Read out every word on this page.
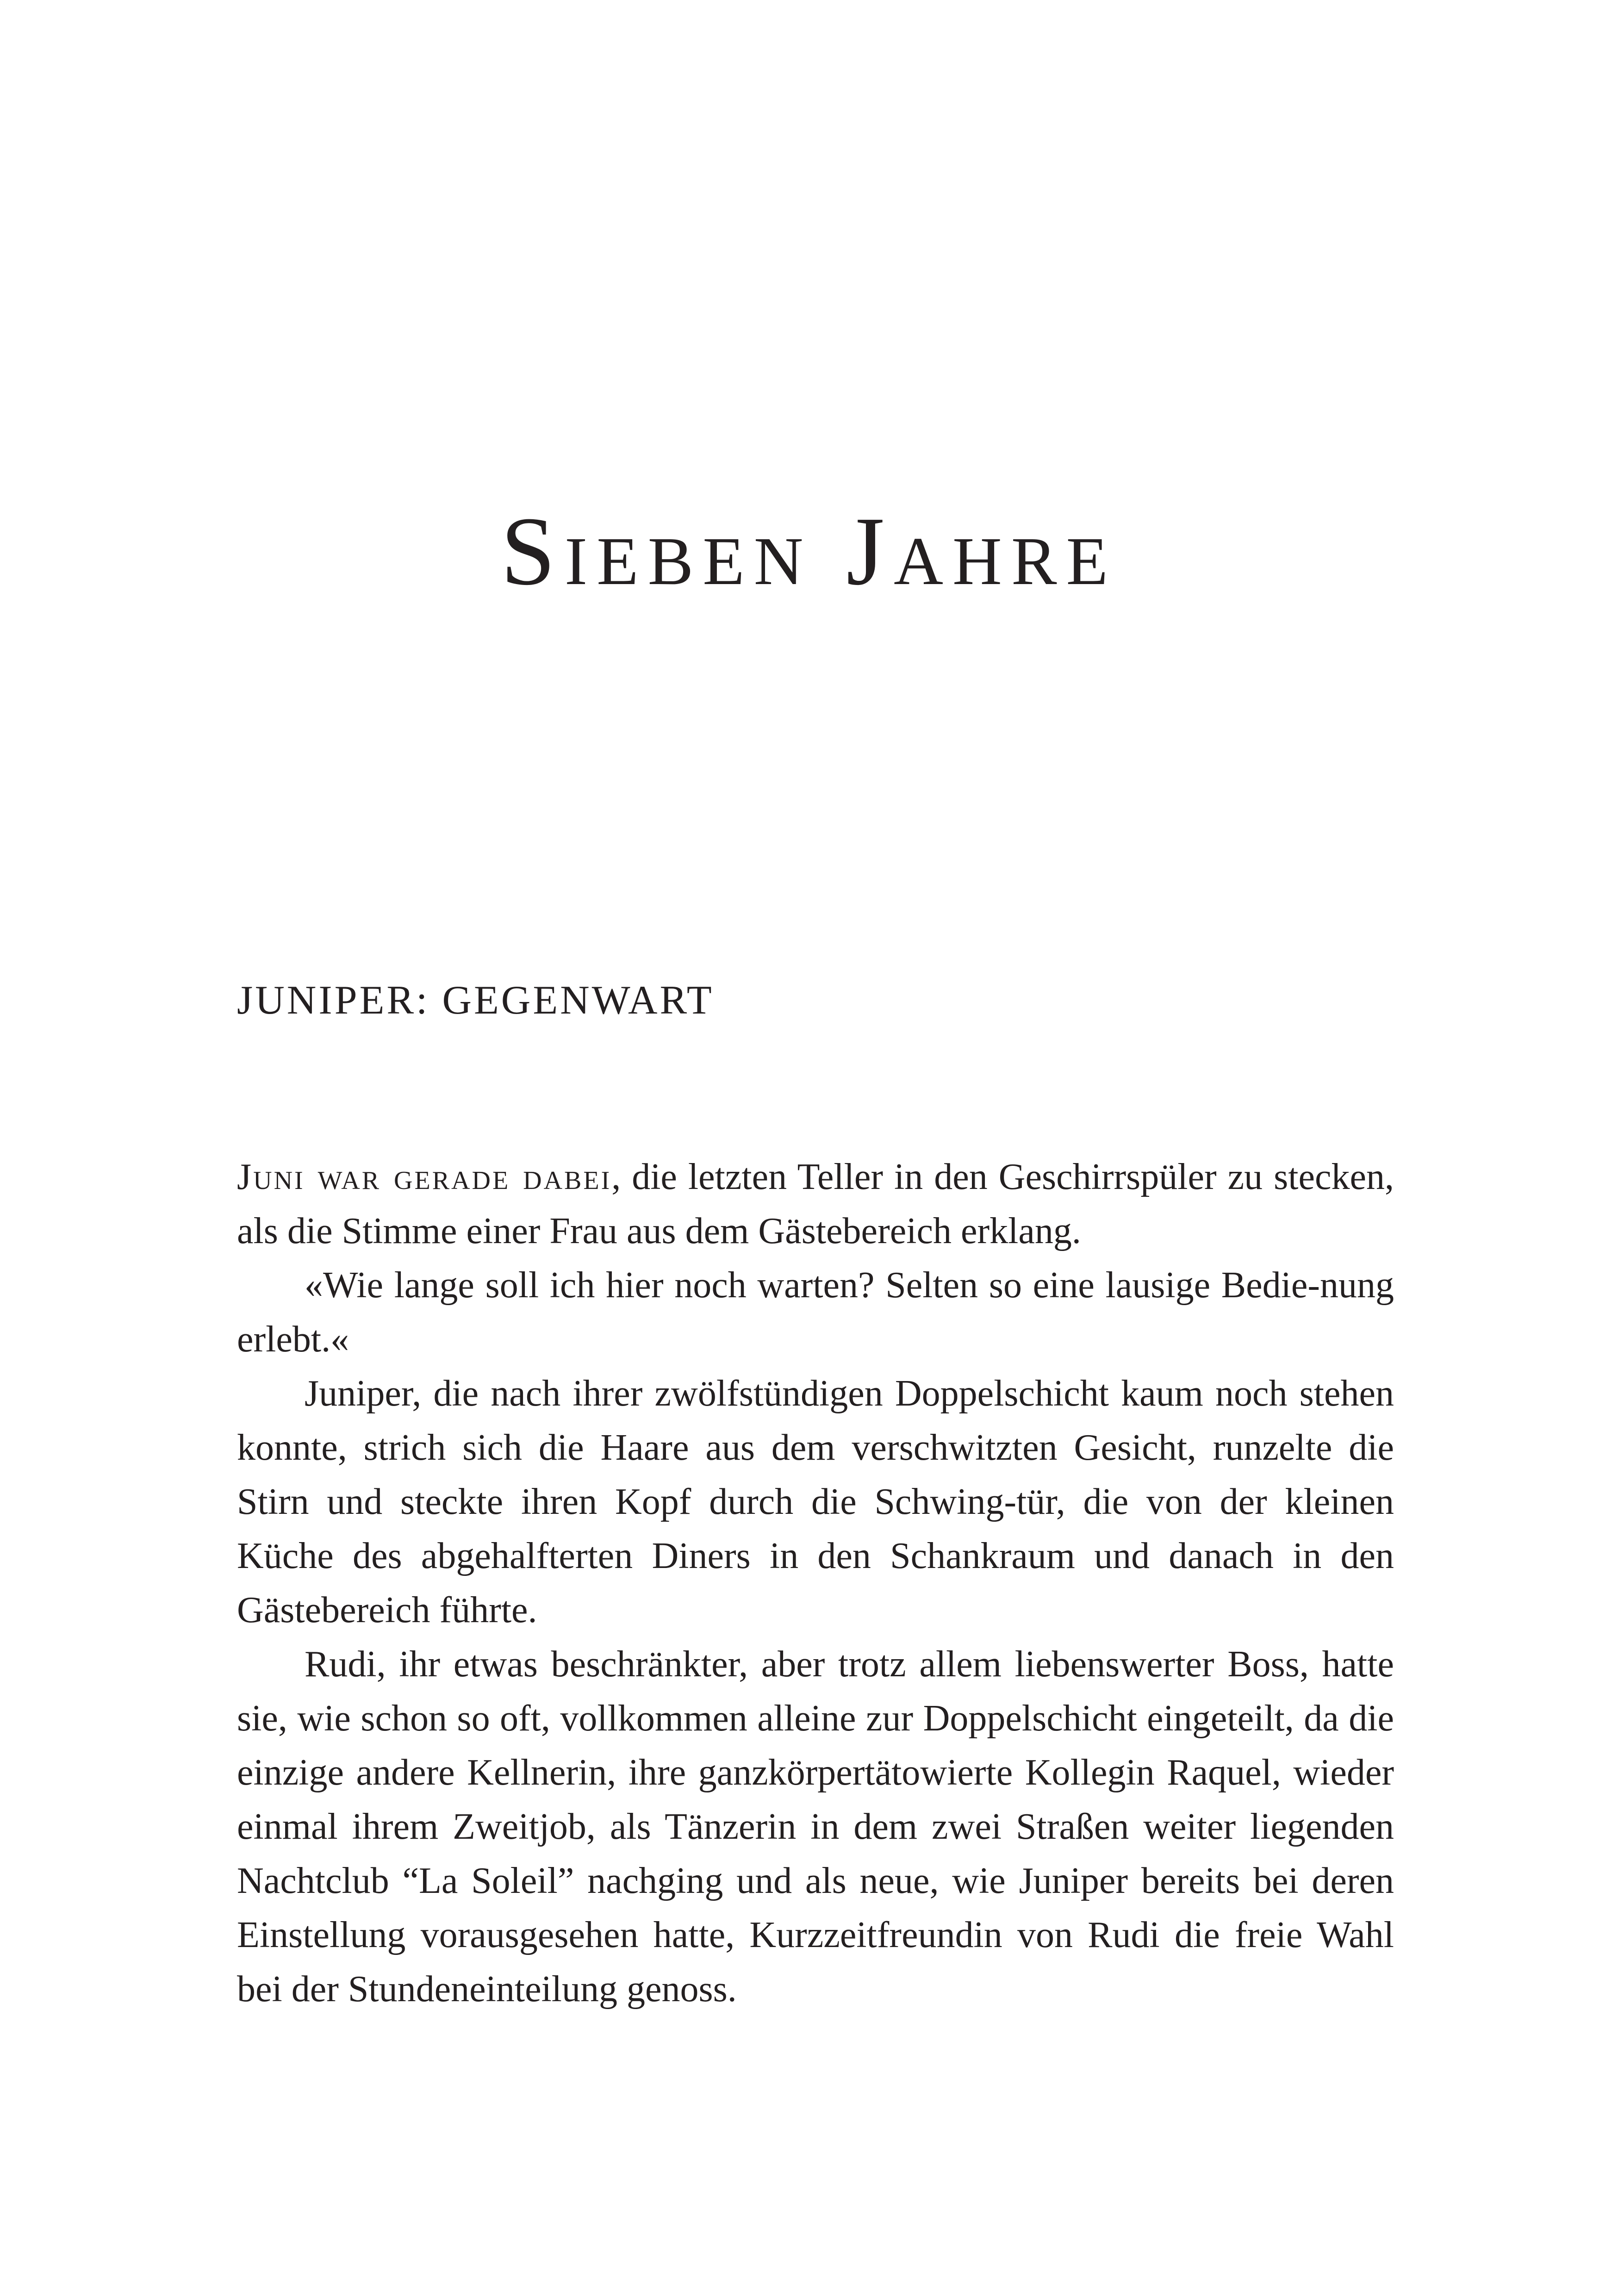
Sieben Jahre
JUNIPER: GEGENWART

Juni war gerade dabei, die letzten Teller in den Geschirrspüler zu stecken, als die Stimme einer Frau aus dem Gästebereich erklang.

«Wie lange soll ich hier noch warten? Selten so eine lausige Bedie-nung erlebt.«

Juniper, die nach ihrer zwölfstündigen Doppelschicht kaum noch stehen konnte, strich sich die Haare aus dem verschwitzten Gesicht, runzelte die Stirn und steckte ihren Kopf durch die Schwing-tür, die von der kleinen Küche des abgehalfterten Diners in den Schankraum und danach in den Gästebereich führte.

Rudi, ihr etwas beschränkter, aber trotz allem liebenswerter Boss, hatte sie, wie schon so oft, vollkommen alleine zur Doppelschicht eingeteilt, da die einzige andere Kellnerin, ihre ganzkörpertätowierte Kollegin Raquel, wieder einmal ihrem Zweitjob, als Tänzerin in dem zwei Straßen weiter liegenden Nachtclub “La Soleil” nachging und als neue, wie Juniper bereits bei deren Einstellung vorausgesehen hatte, Kurzzeitfreundin von Rudi die freie Wahl bei der Stundeneinteilung genoss.
